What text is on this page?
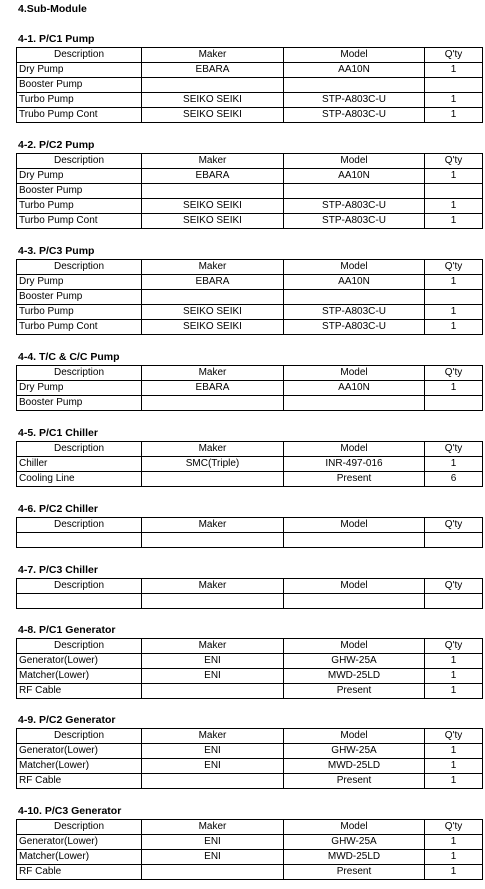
4.Sub-Module
4-1. P/C1 Pump
Description	Maker	Model	Q'ty
Dry Pump	EBARA	AA10N	1
Booster Pump			
Turbo Pump	SEIKO SEIKI	STP-A803C-U	1
Trubo Pump Cont	SEIKO SEIKI	STP-A803C-U	1
4-2. P/C2 Pump
Description	Maker	Model	Q'ty
Dry Pump	EBARA	AA10N	1
Booster Pump			
Turbo Pump	SEIKO SEIKI	STP-A803C-U	1
Turbo Pump Cont	SEIKO SEIKI	STP-A803C-U	1
4-3. P/C3 Pump
Description	Maker	Model	Q'ty
Dry Pump	EBARA	AA10N	1
Booster Pump			
Turbo Pump	SEIKO SEIKI	STP-A803C-U	1
Turbo Pump Cont	SEIKO SEIKI	STP-A803C-U	1
4-4. T/C & C/C Pump
Description	Maker	Model	Q'ty
Dry Pump	EBARA	AA10N	1
Booster Pump			
4-5. P/C1 Chiller
Description	Maker	Model	Q'ty
Chiller	SMC(Triple)	INR-497-016	1
Cooling Line		Present	6
4-6. P/C2 Chiller
Description	Maker	Model	Q'ty

4-7. P/C3 Chiller
Description	Maker	Model	Q'ty

4-8. P/C1 Generator
Description	Maker	Model	Q'ty
Generator(Lower)	ENI	GHW-25A	1
Matcher(Lower)	ENI	MWD-25LD	1
RF Cable		Present	1
4-9. P/C2 Generator
Description	Maker	Model	Q'ty
Generator(Lower)	ENI	GHW-25A	1
Matcher(Lower)	ENI	MWD-25LD	1
RF Cable		Present	1
4-10. P/C3 Generator
Description	Maker	Model	Q'ty
Generator(Lower)	ENI	GHW-25A	1
Matcher(Lower)	ENI	MWD-25LD	1
RF Cable		Present	1
